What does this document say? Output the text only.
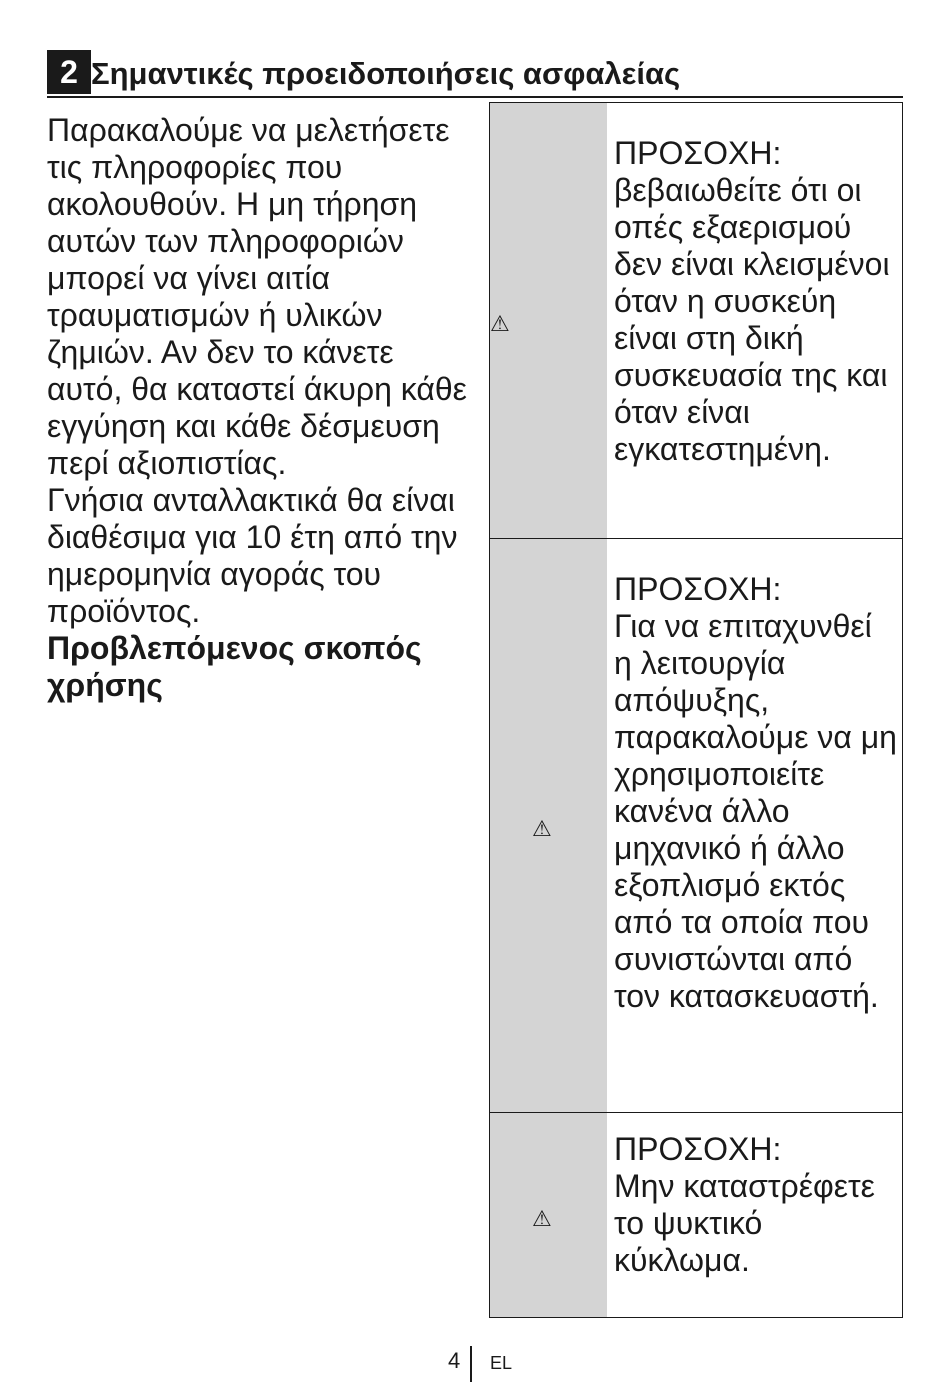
2 Σημαντικές προειδοποιήσεις ασφαλείας

Παρακαλούμε να μελετήσετε τις πληροφορίες που ακολουθούν. Η μη τήρηση αυτών των πληροφοριών μπορεί να γίνει αιτία τραυματισμών ή υλικών ζημιών. Αν δεν το κάνετε αυτό, θα καταστεί άκυρη κάθε εγγύηση και κάθε δέσμευση περί αξιοπιστίας.

Γνήσια ανταλλακτικά θα είναι διαθέσιμα για 10 έτη από την ημερομηνία αγοράς του προϊόντος.

Προβλεπόμενος σκοπός χρήσης

⚠
ΠΡΟΣΟΧΗ:
βεβαιωθείτε ότι οι οπές εξαερισμού δεν είναι κλεισμένοι όταν η συσκεύη είναι στη δική συσκευασία της και όταν είναι εγκατεστημένη.
⚠
ΠΡΟΣΟΧΗ:
Για να επιταχυνθεί η λειτουργία απόψυξης, παρακαλούμε να μη χρησιμοποιείτε κανένα άλλο μηχανικό ή άλλο εξοπλισμό εκτός από τα οποία που συνιστώνται από τον κατασκευαστή.
⚠
ΠΡΟΣΟΧΗ:
Μην καταστρέφετε το ψυκτικό κύκλωμα.
4 EL
